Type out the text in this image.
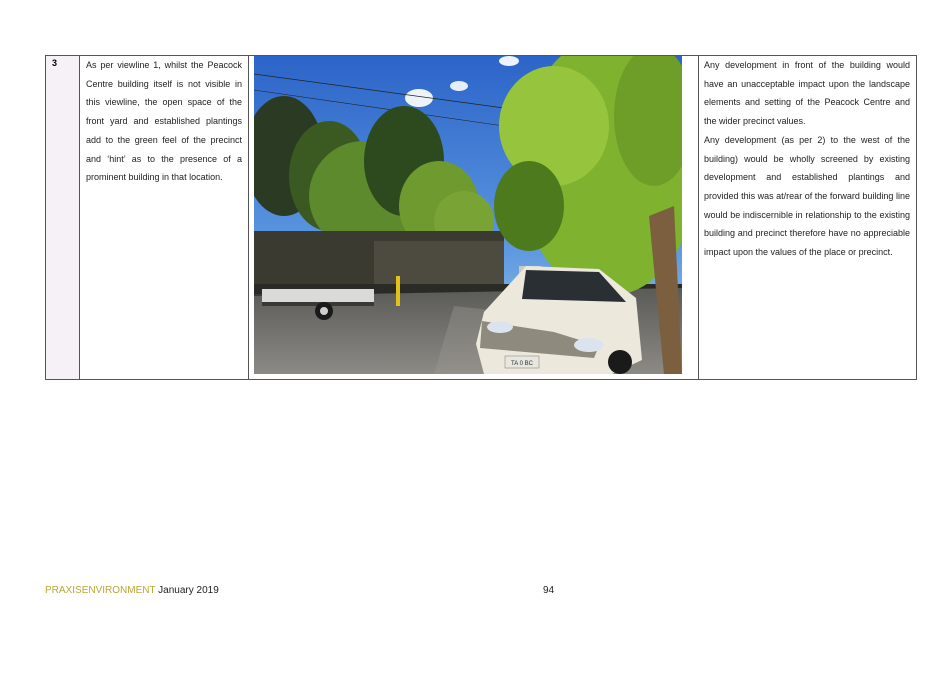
3	As per viewline 1, whilst the Peacock Centre building itself is not visible in this viewline, the open space of the front yard and established plantings add to the green feel of the precinct and ‘hint’ as to the presence of a prominent building in that location.

TA 0 BC

Any development in front of the building would have an unacceptable impact upon the landscape elements and setting of the Peacock Centre and the wider precinct values.

Any development (as per 2) to the west of the building) would be wholly screened by existing development and established plantings and provided this was at/rear of the forward building line would be indiscernible in relationship to the existing building and precinct therefore have no appreciable impact upon the values of the place or precinct.

PRAXISENVIRONMENT January 2019	94
